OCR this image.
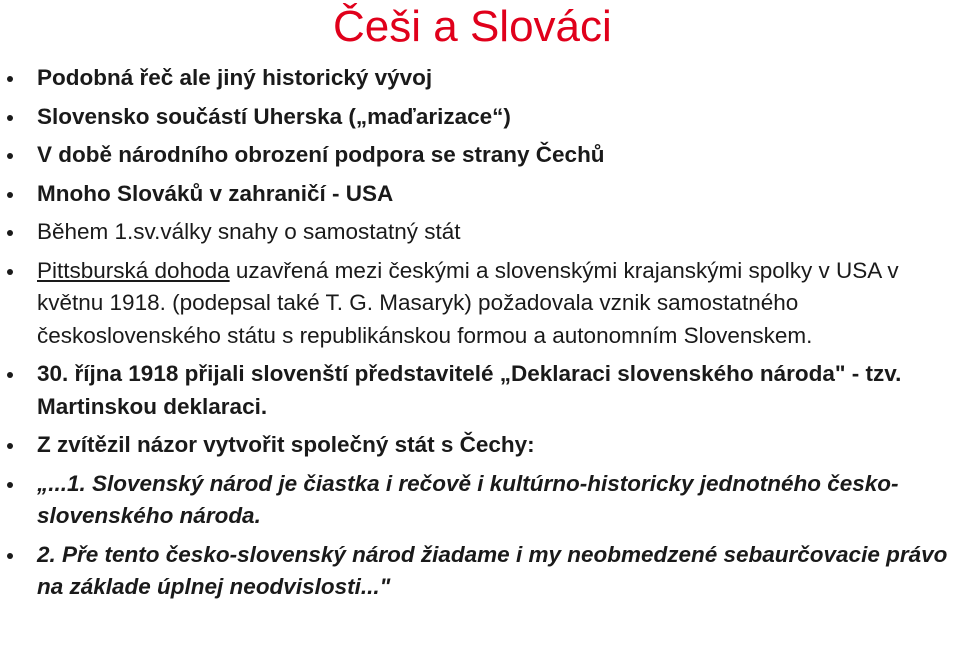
Češi a Slováci
Podobná řeč ale jiný historický vývoj
Slovensko součástí Uherska („maďarizace“)
V době národního obrození podpora se strany Čechů
Mnoho Slováků v zahraničí - USA
Během 1.sv.války snahy o samostatný stát
Pittsburská dohoda uzavřená mezi českými a slovenskými krajanskými spolky v USA v květnu 1918. (podepsal také T. G. Masaryk) požadovala vznik samostatného československého státu s republikánskou formou a autonomním Slovenskem.
30. října 1918 přijali slovenští představitelé „Deklaraci slovenského národa" - tzv. Martinskou deklaraci.
Z zvítězil názor vytvořit společný stát s Čechy:
„...1. Slovenský národ je čiastka i rečově i kultúrno-historicky jednotného česko-slovenského národa.
2. Pře tento česko-slovenský národ žiadame i my neobmedzené sebaurčovacie právo na základe úplnej neodvislosti..."
